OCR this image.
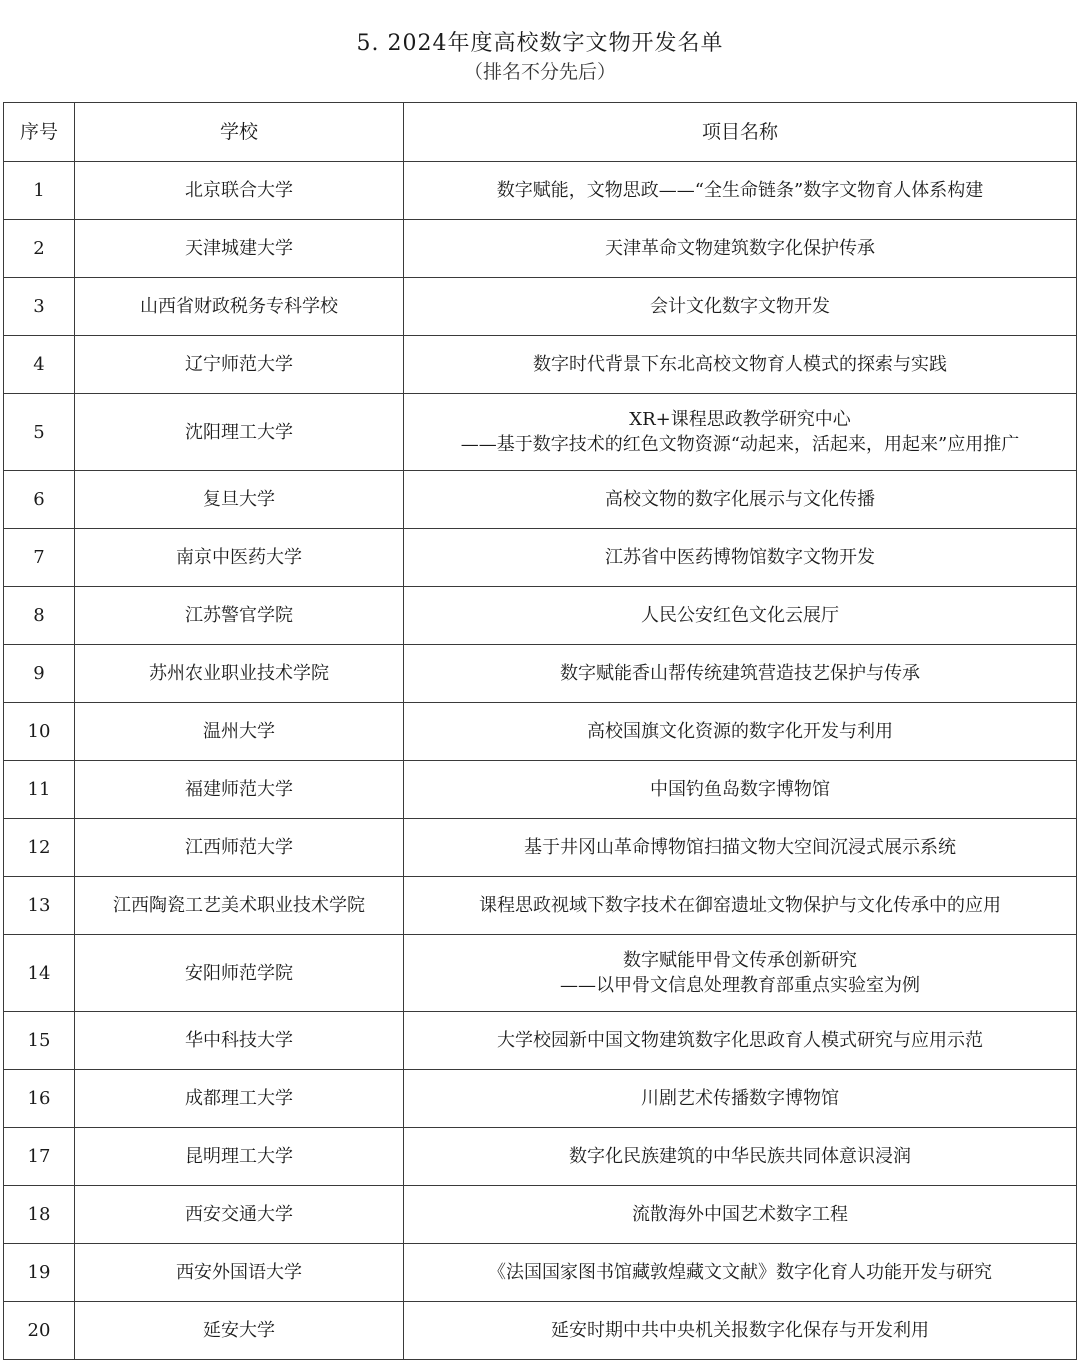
5. 2024年度高校数字文物开发名单
（排名不分先后）
序号	学校	项目名称
1	北京联合大学	数字赋能，文物思政——“全生命链条”数字文物育人体系构建

2	天津城建大学	天津革命文物建筑数字化保护传承

3	山西省财政税务专科学校	会计文化数字文物开发

4	辽宁师范大学	数字时代背景下东北高校文物育人模式的探索与实践

5	沈阳理工大学	XR+课程思政教学研究中心
——基于数字技术的红色文物资源“动起来，活起来，用起来”应用推广

6	复旦大学	高校文物的数字化展示与文化传播

7	南京中医药大学	江苏省中医药博物馆数字文物开发

8	江苏警官学院	人民公安红色文化云展厅

9	苏州农业职业技术学院	数字赋能香山帮传统建筑营造技艺保护与传承

10	温州大学	高校国旗文化资源的数字化开发与利用

11	福建师范大学	中国钓鱼岛数字博物馆

12	江西师范大学	基于井冈山革命博物馆扫描文物大空间沉浸式展示系统

13	江西陶瓷工艺美术职业技术学院	课程思政视域下数字技术在御窑遗址文物保护与文化传承中的应用

14	安阳师范学院	数字赋能甲骨文传承创新研究
——以甲骨文信息处理教育部重点实验室为例

15	华中科技大学	大学校园新中国文物建筑数字化思政育人模式研究与应用示范

16	成都理工大学	川剧艺术传播数字博物馆

17	昆明理工大学	数字化民族建筑的中华民族共同体意识浸润

18	西安交通大学	流散海外中国艺术数字工程

19	西安外国语大学	《法国国家图书馆藏敦煌藏文文献》数字化育人功能开发与研究

20	延安大学	延安时期中共中央机关报数字化保存与开发利用
